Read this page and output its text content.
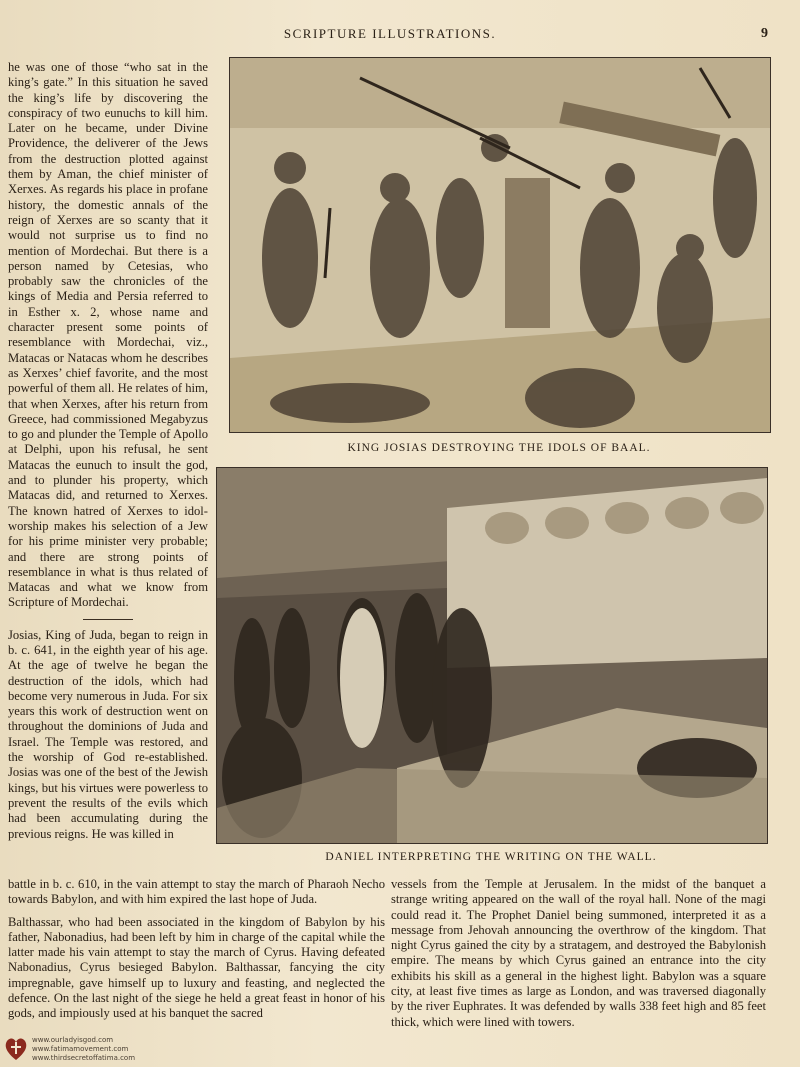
SCRIPTURE ILLUSTRATIONS.	9

he was one of those “who sat in the king’s gate.” In this situation he saved the king’s life by discovering the conspiracy of two eunuchs to kill him. Later on he became, under Divine Providence, the deliverer of the Jews from the destruction plotted against them by Aman, the chief minister of Xerxes. As regards his place in profane history, the domestic annals of the reign of Xerxes are so scanty that it would not surprise us to find no mention of Mordechai. But there is a person named by Cetesias, who probably saw the chronicles of the kings of Media and Persia referred to in Esther x. 2, whose name and character present some points of resemblance with Mordechai, viz., Matacas or Natacas whom he describes as Xerxes’ chief favorite, and the most powerful of them all. He relates of him, that when Xerxes, after his return from Greece, had commissioned Megabyzus to go and plunder the Temple of Apollo at Delphi, upon his refusal, he sent Matacas the eunuch to insult the god, and to plunder his property, which Matacas did, and returned to Xerxes. The known hatred of Xerxes to idol-worship makes his selection of a Jew for his prime minister very probable; and there are strong points of resemblance in what is thus related of Matacas and what we know from Scripture of Mordechai.

Josias, King of Juda, began to reign in b. c. 641, in the eighth year of his age. At the age of twelve he began the destruction of the idols, which had become very numerous in Juda. For six years this work of destruction went on throughout the dominions of Juda and Israel. The Temple was restored, and the worship of God re-established. Josias was one of the best of the Jewish kings, but his virtues were powerless to prevent the results of the evils which had been accumulating during the previous reigns. He was killed in

KING JOSIAS DESTROYING THE IDOLS OF BAAL.
DANIEL INTERPRETING THE WRITING ON THE WALL.

battle in b. c. 610, in the vain attempt to stay the march of Pharaoh Necho towards Babylon, and with him expired the last hope of Juda.

Balthassar, who had been associated in the kingdom of Babylon by his father, Nabonadius, had been left by him in charge of the capital while the latter made his vain attempt to stay the march of Cyrus. Having defeated Nabonadius, Cyrus besieged Babylon. Balthassar, fancying the city impregnable, gave himself up to luxury and feasting, and neglected the defence. On the last night of the siege he held a great feast in honor of his gods, and impiously used at his banquet the sacred

vessels from the Temple at Jerusalem. In the midst of the banquet a strange writing appeared on the wall of the royal hall. None of the magi could read it. The Prophet Daniel being summoned, interpreted it as a message from Jehovah announcing the overthrow of the kingdom. That night Cyrus gained the city by a stratagem, and destroyed the Babylonish empire. The means by which Cyrus gained an entrance into the city exhibits his skill as a general in the highest light. Babylon was a square city, at least five times as large as London, and was traversed diagonally by the river Euphrates. It was defended by walls 338 feet high and 85 feet thick, which were lined with towers.

www.ourladyisgod.com
www.fatimamovement.com
www.thirdsecretoffatima.com
